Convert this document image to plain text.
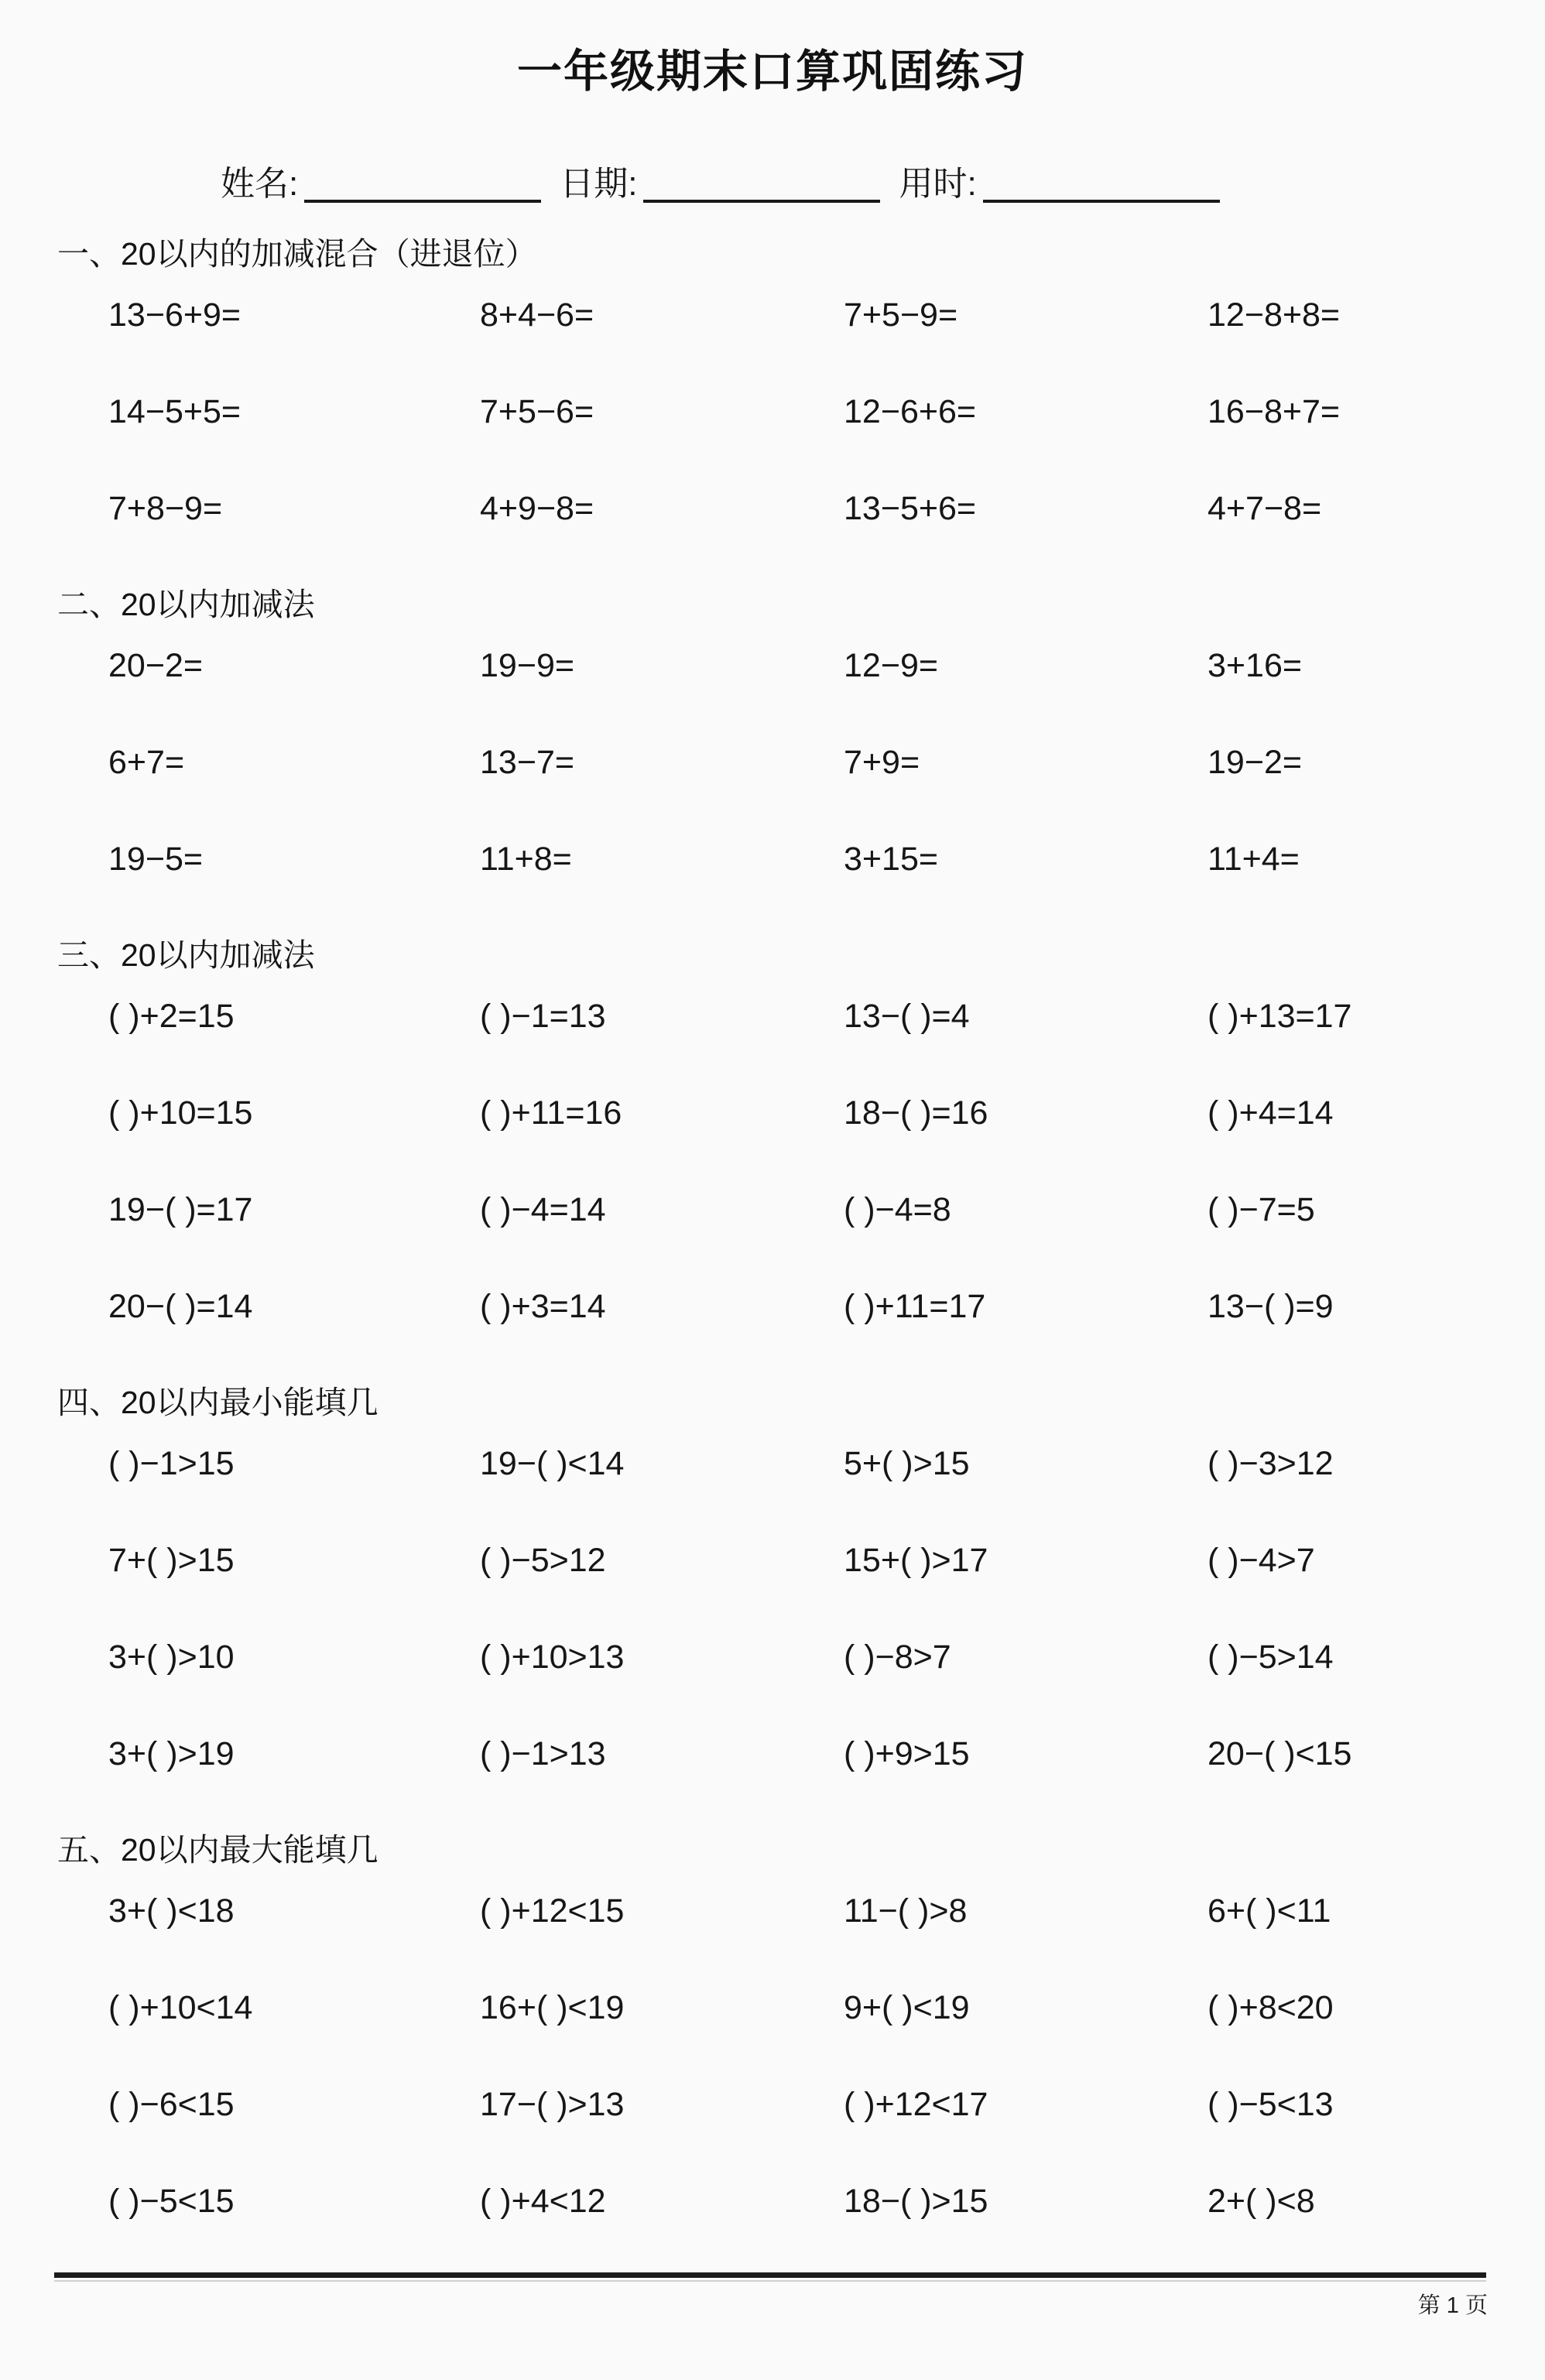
一年级期末口算巩固练习
姓名:	日期:	用时:
一、20以内的加减混合（进退位）
13−6+9=	8+4−6=	7+5−9=	12−8+8=
14−5+5=	7+5−6=	12−6+6=	16−8+7=
7+8−9=	4+9−8=	13−5+6=	4+7−8=
二、20以内加减法
20−2=	19−9=	12−9=	3+16=
6+7=	13−7=	7+9=	19−2=
19−5=	11+8=	3+15=	11+4=
三、20以内加减法
( )+2=15	( )−1=13	13−( )=4	( )+13=17
( )+10=15	( )+11=16	18−( )=16	( )+4=14
19−( )=17	( )−4=14	( )−4=8	( )−7=5
20−( )=14	( )+3=14	( )+11=17	13−( )=9
四、20以内最小能填几
( )−1>15	19−( )<14	5+( )>15	( )−3>12
7+( )>15	( )−5>12	15+( )>17	( )−4>7
3+( )>10	( )+10>13	( )−8>7	( )−5>14
3+( )>19	( )−1>13	( )+9>15	20−( )<15
五、20以内最大能填几
3+( )<18	( )+12<15	11−( )>8	6+( )<11
( )+10<14	16+( )<19	9+( )<19	( )+8<20
( )−6<15	17−( )>13	( )+12<17	( )−5<13
( )−5<15	( )+4<12	18−( )>15	2+( )<8
第 1 页
